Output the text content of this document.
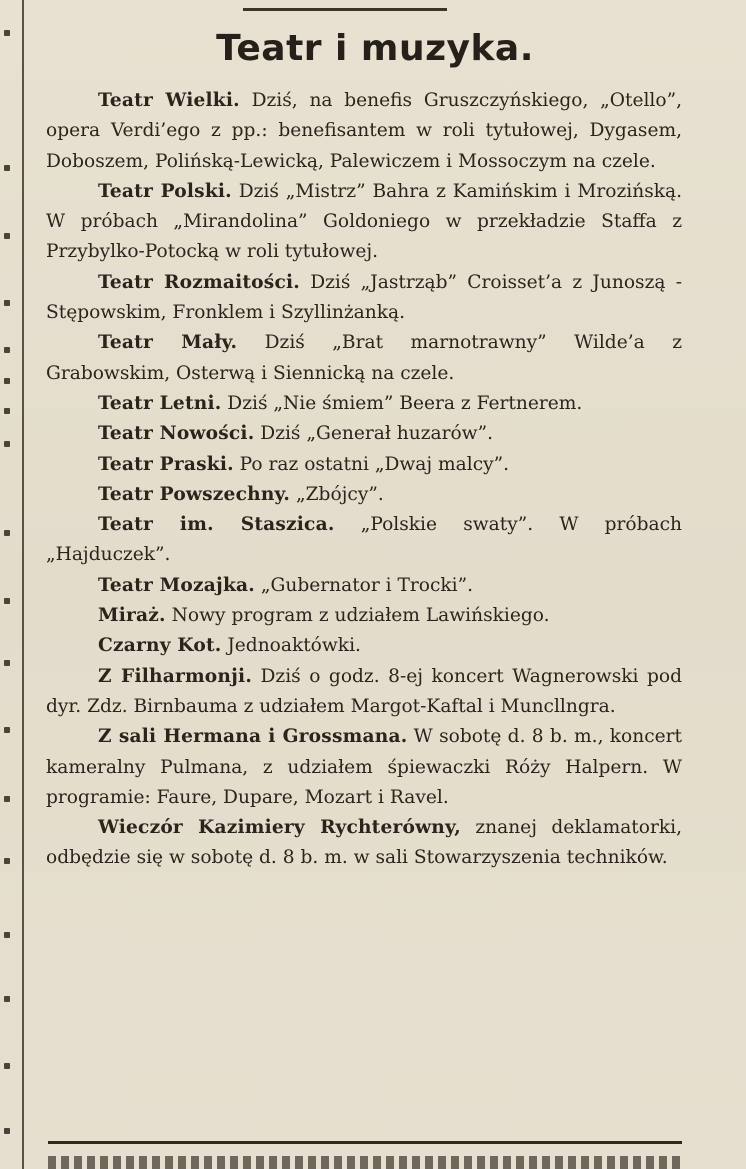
Teatr i muzyka.

Teatr Wielki. Dziś, na benefis Gruszczyńskiego, „Otello”, opera Verdi’ego z pp.: benefisantem w roli tytułowej, Dygasem, Doboszem, Polińską-Lewicką, Palewiczem i Mossoczym na czele.

Teatr Polski. Dziś „Mistrz” Bahra z Kamińskim i Mrozińską. W próbach „Mirandolina” Goldoniego w przekładzie Staffa z Przybylko-Potocką w roli tytułowej.

Teatr Rozmaitości. Dziś „Jastrząb” Croisset’a z Junoszą - Stępowskim, Fronklem i Szyllinżanką.

Teatr Mały. Dziś „Brat marnotrawny” Wilde’a z Grabowskim, Osterwą i Siennicką na czele.

Teatr Letni. Dziś „Nie śmiem” Beera z Fertnerem.

Teatr Nowości. Dziś „Generał huzarów”.

Teatr Praski. Po raz ostatni „Dwaj malcy”.

Teatr Powszechny. „Zbójcy”.

Teatr im. Staszica. „Polskie swaty”. W próbach „Hajduczek”.

Teatr Mozajka. „Gubernator i Trocki”.

Miraż. Nowy program z udziałem Lawińskiego.

Czarny Kot. Jednoaktówki.

Z Filharmonji. Dziś o godz. 8-ej koncert Wagnerowski pod dyr. Zdz. Birnbauma z udziałem Margot-Kaftal i Muncllngra.

Z sali Hermana i Grossmana. W sobotę d. 8 b. m., koncert kameralny Pulmana, z udziałem śpiewaczki Róży Halpern. W programie: Faure, Dupare, Mozart i Ravel.

Wieczór Kazimiery Rychterówny, znanej deklamatorki, odbędzie się w sobotę d. 8 b. m. w sali Stowarzyszenia techników.
